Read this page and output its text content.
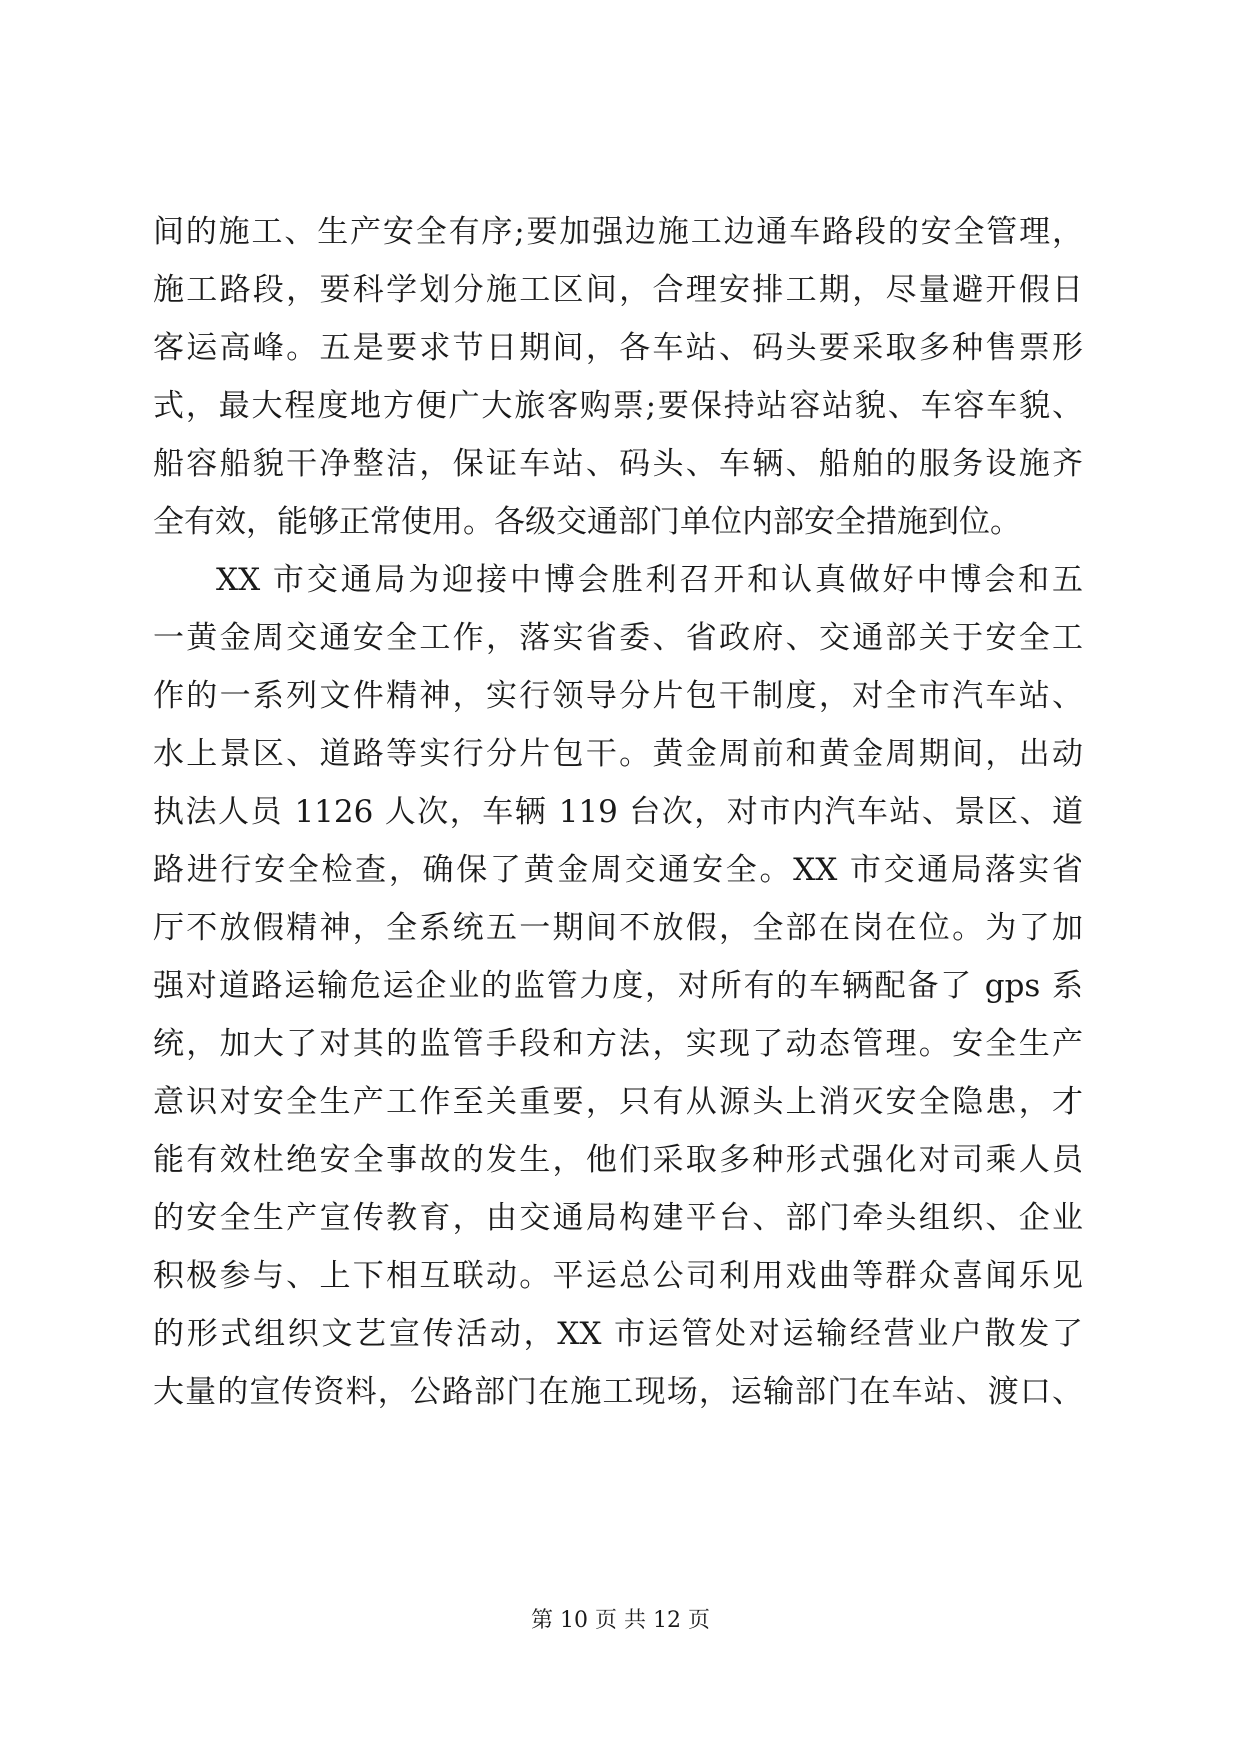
间的施工、生产安全有序;要加强边施工边通车路段的安全管理，
施工路段，要科学划分施工区间，合理安排工期，尽量避开假日
客运高峰。五是要求节日期间，各车站、码头要采取多种售票形
式，最大程度地方便广大旅客购票;要保持站容站貌、车容车貌、
船容船貌干净整洁，保证车站、码头、车辆、船舶的服务设施齐
全有效，能够正常使用。各级交通部门单位内部安全措施到位。
XX 市交通局为迎接中博会胜利召开和认真做好中博会和五
一黄金周交通安全工作，落实省委、省政府、交通部关于安全工
作的一系列文件精神，实行领导分片包干制度，对全市汽车站、
水上景区、道路等实行分片包干。黄金周前和黄金周期间，出动
执法人员 1126 人次，车辆 119 台次，对市内汽车站、景区、道
路进行安全检查，确保了黄金周交通安全。XX 市交通局落实省
厅不放假精神，全系统五一期间不放假，全部在岗在位。为了加
强对道路运输危运企业的监管力度，对所有的车辆配备了 gps 系
统，加大了对其的监管手段和方法，实现了动态管理。安全生产
意识对安全生产工作至关重要，只有从源头上消灭安全隐患，才
能有效杜绝安全事故的发生，他们采取多种形式强化对司乘人员
的安全生产宣传教育，由交通局构建平台、部门牵头组织、企业
积极参与、上下相互联动。平运总公司利用戏曲等群众喜闻乐见
的形式组织文艺宣传活动，XX 市运管处对运输经营业户散发了
大量的宣传资料，公路部门在施工现场，运输部门在车站、渡口、
第 10 页 共 12 页
